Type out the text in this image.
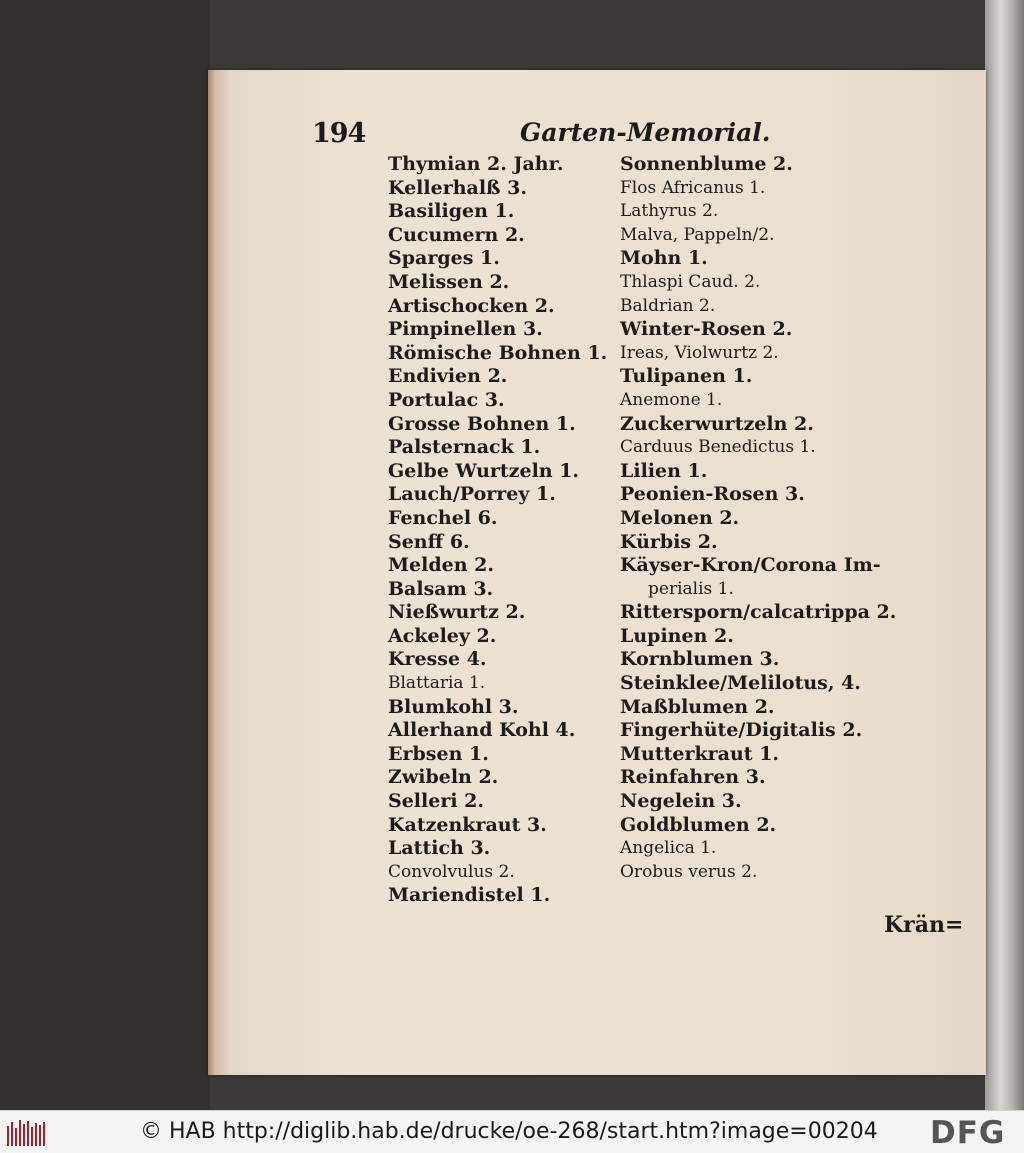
194	Garten-Memorial.
Thymian 2. Jahr.
Kellerhalß 3.
Basiligen 1.
Cucumern 2.
Sparges 1.
Melissen 2.
Artischocken 2.
Pimpinellen 3.
Römische Bohnen 1.
Endivien 2.
Portulac 3.
Grosse Bohnen 1.
Palsternack 1.
Gelbe Wurtzeln 1.
Lauch/Porrey 1.
Fenchel 6.
Senff 6.
Melden 2.
Balsam 3.
Nießwurtz 2.
Ackeley 2.
Kresse 4.
Blattaria 1.
Blumkohl 3.
Allerhand Kohl 4.
Erbsen 1.
Zwibeln 2.
Selleri 2.
Katzenkraut 3.
Lattich 3.
Convolvulus 2.
Mariendistel 1.
Sonnenblume 2.
Flos Africanus 1.
Lathyrus 2.
Malva, Pappeln/2.
Mohn 1.
Thlaspi Caud. 2.
Baldrian 2.
Winter-Rosen 2.
Ireas, Violwurtz 2.
Tulipanen 1.
Anemone 1.
Zuckerwurtzeln 2.
Carduus Benedictus 1.
Lilien 1.
Peonien-Rosen 3.
Melonen 2.
Kürbis 2.
Käyser-Kron/Corona Im-
perialis 1.
Rittersporn/calcatrippa 2.
Lupinen 2.
Kornblumen 3.
Steinklee/Melilotus, 4.
Maßblumen 2.
Fingerhüte/Digitalis 2.
Mutterkraut 1.
Reinfahren 3.
Negelein 3.
Goldblumen 2.
Angelica 1.
Orobus verus 2.
Krän=
© HAB http://diglib.hab.de/drucke/oe-268/start.htm?image=00204 DFG
